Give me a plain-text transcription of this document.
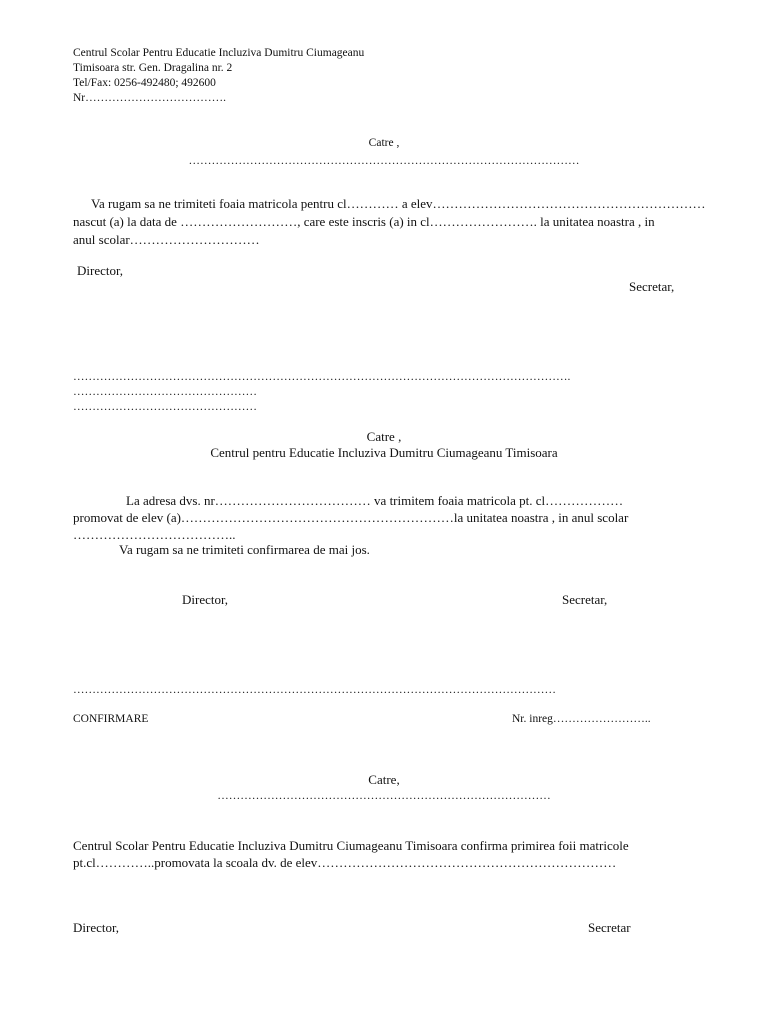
Centrul Scolar Pentru Educatie Incluziva Dumitru Ciumageanu
Timisoara str. Gen. Dragalina nr. 2
Tel/Fax: 0256-492480; 492600
Nr……………………………….
Catre ,
…………………………………………………………………………………………
Va rugam sa ne trimiteti foaia matricola pentru cl………… a elev………………………………………………………
nascut (a) la data de ………………………, care este inscris (a) in cl……………………. la unitatea noastra , in
anul scolar…………………………
Director,
Secretar,
………………………………………………………………………………………………………………….
…………………………………………
…………………………………………
Catre ,
Centrul pentru Educatie Incluziva Dumitru Ciumageanu Timisoara
La adresa dvs. nr……………………………… va trimitem foaia matricola pt. cl………………
promovat de elev (a)………………………………………………………la unitatea noastra , in anul scolar
………………………………..
Va rugam sa ne trimiteti confirmarea de mai jos.
Director,	Secretar,
………………………………………………………………………………………………………………
CONFIRMARE	Nr. inreg……………………..
Catre,
……………………………………………………………………………
Centrul Scolar Pentru Educatie Incluziva Dumitru Ciumageanu Timisoara confirma primirea foii matricole
pt.cl…………..promovata la scoala dv. de elev……………………………………………………………
Director,	Secretar
